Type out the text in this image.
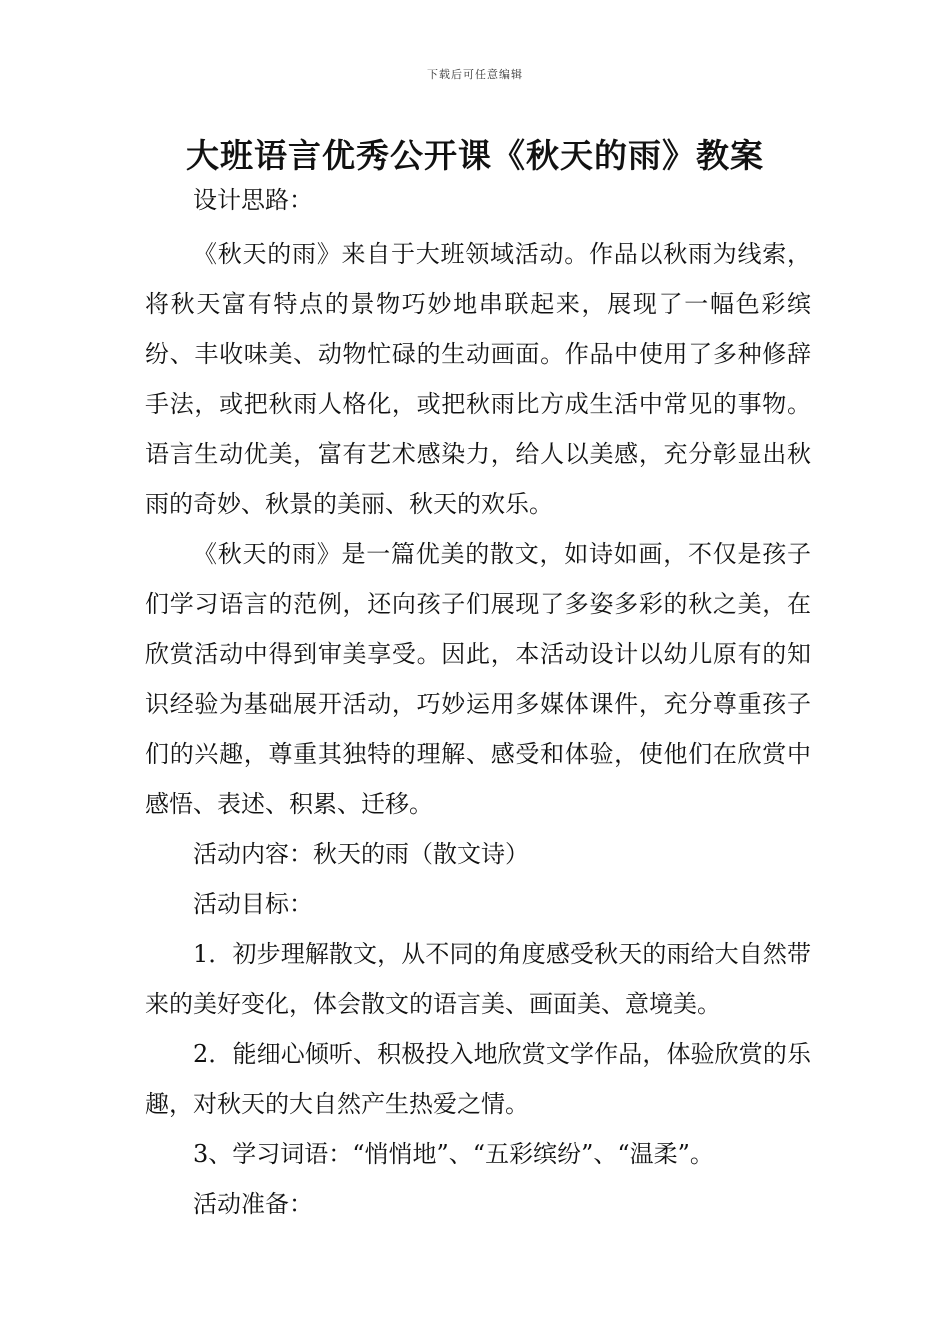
下载后可任意编辑
大班语言优秀公开课《秋天的雨》教案

设计思路：

《秋天的雨》来自于大班领域活动。作品以秋雨为线索，将秋天富有特点的景物巧妙地串联起来，展现了一幅色彩缤纷、丰收味美、动物忙碌的生动画面。作品中使用了多种修辞手法，或把秋雨人格化，或把秋雨比方成生活中常见的事物。语言生动优美，富有艺术感染力，给人以美感，充分彰显出秋雨的奇妙、秋景的美丽、秋天的欢乐。

《秋天的雨》是一篇优美的散文，如诗如画，不仅是孩子们学习语言的范例，还向孩子们展现了多姿多彩的秋之美，在欣赏活动中得到审美享受。因此，本活动设计以幼儿原有的知识经验为基础展开活动，巧妙运用多媒体课件，充分尊重孩子们的兴趣，尊重其独特的理解、感受和体验，使他们在欣赏中感悟、表述、积累、迁移。

活动内容：秋天的雨（散文诗）

活动目标：

1．初步理解散文，从不同的角度感受秋天的雨给大自然带来的美好变化，体会散文的语言美、画面美、意境美。

2．能细心倾听、积极投入地欣赏文学作品，体验欣赏的乐趣，对秋天的大自然产生热爱之情。

3、学习词语：“悄悄地”、“五彩缤纷”、“温柔”。

活动准备：
